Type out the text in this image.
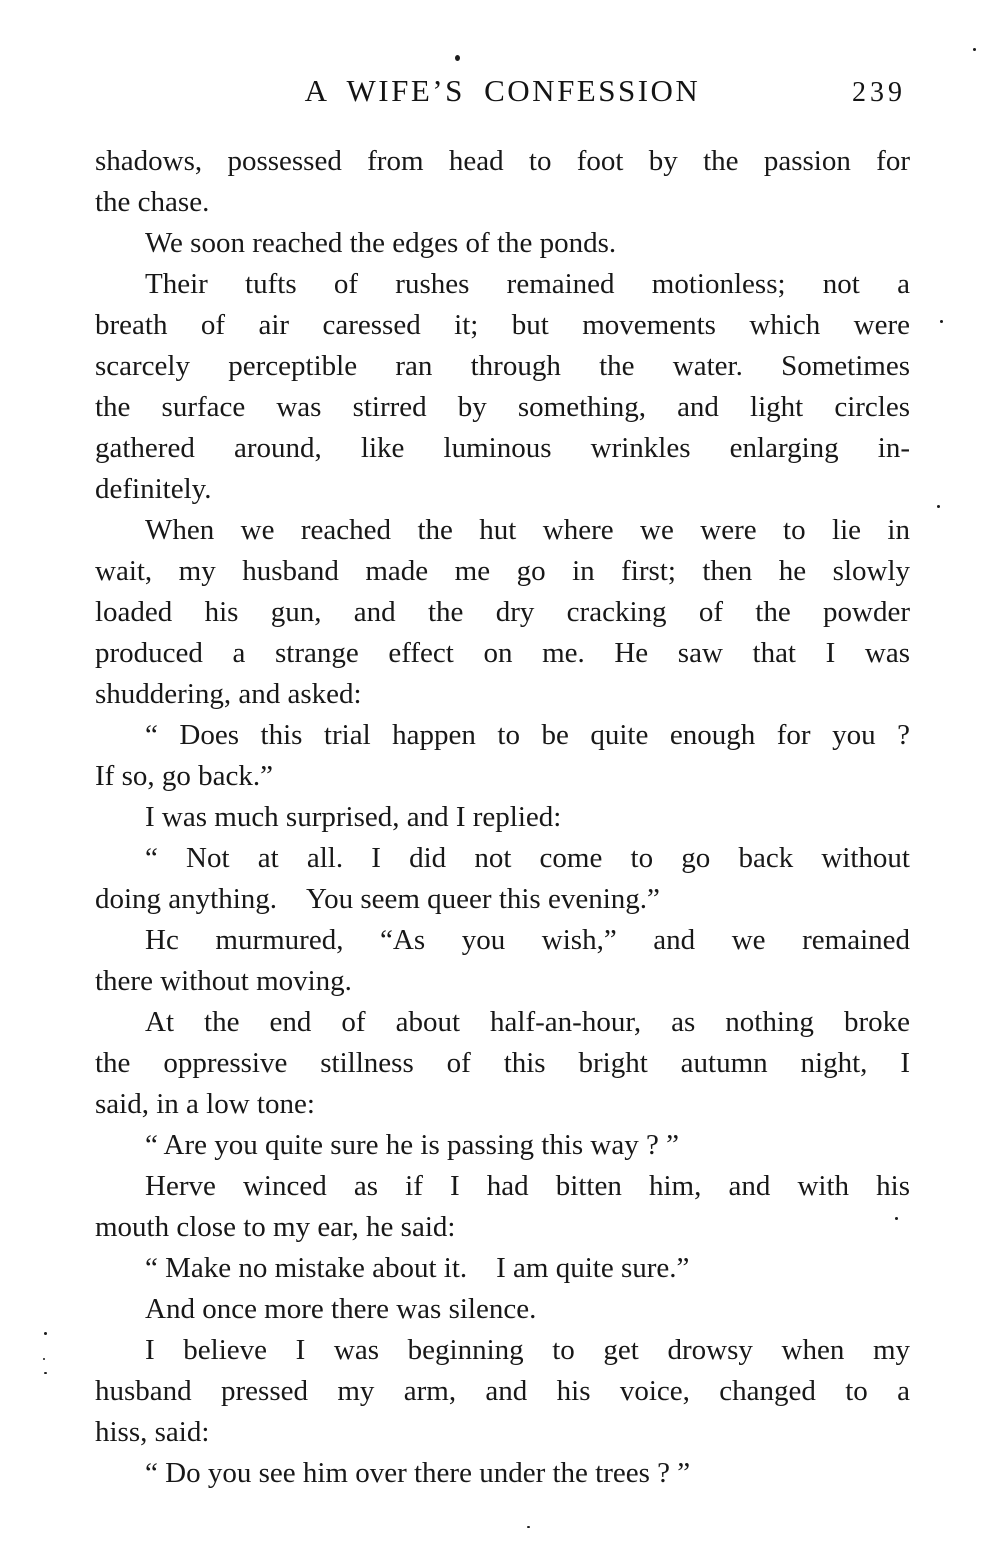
A WIFE’S CONFESSION	239
shadows, possessed from head to foot by the passion for
the chase.
We soon reached the edges of the ponds.
Their tufts of rushes remained motionless; not a
breath of air caressed it; but movements which were
scarcely perceptible ran through the water. Sometimes
the surface was stirred by something, and light circles
gathered around, like luminous wrinkles enlarging in-
definitely.
When we reached the hut where we were to lie in
wait, my husband made me go in first; then he slowly
loaded his gun, and the dry cracking of the powder
produced a strange effect on me. He saw that I was
shuddering, and asked:
“ Does this trial happen to be quite enough for you ?
If so, go back.”
I was much surprised, and I replied:
“ Not at all. I did not come to go back without
doing anything. You seem queer this evening.”
Hc murmured, “As you wish,” and we remained
there without moving.
At the end of about half-an-hour, as nothing broke
the oppressive stillness of this bright autumn night, I
said, in a low tone:
“ Are you quite sure he is passing this way ? ”
Herve winced as if I had bitten him, and with his
mouth close to my ear, he said:
“ Make no mistake about it. I am quite sure.”
And once more there was silence.
I believe I was beginning to get drowsy when my
husband pressed my arm, and his voice, changed to a
hiss, said:
“ Do you see him over there under the trees ? ”
